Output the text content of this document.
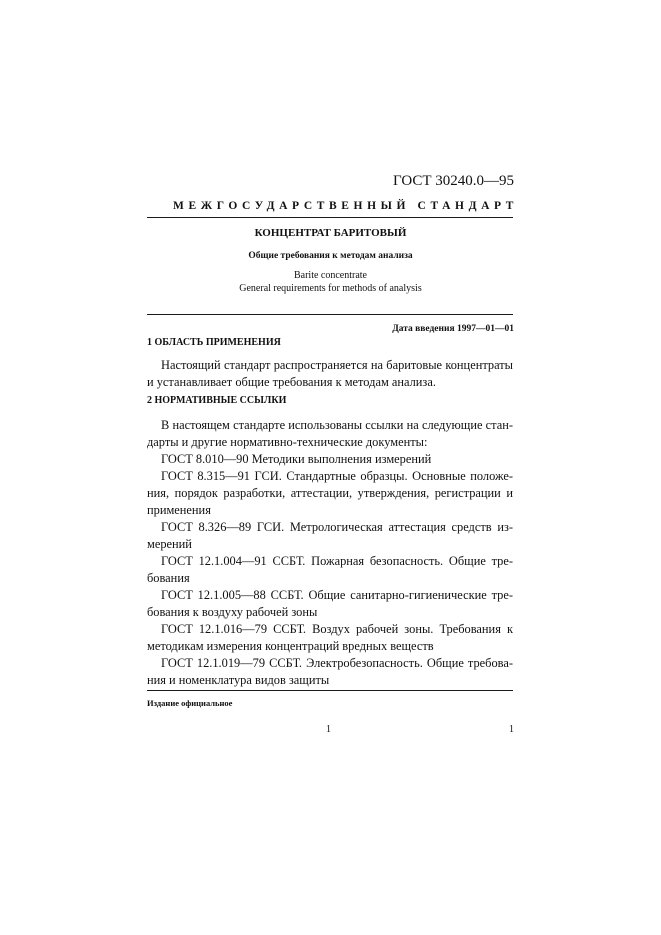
ГОСТ 30240.0—95
МЕЖГОСУДАРСТВЕННЫЙ СТАНДАРТ
КОНЦЕНТРАТ БАРИТОВЫЙ
Общие требования к методам анализа
Barite concentrate
General requirements for methods of analysis
Дата введения 1997—01—01
1 ОБЛАСТЬ ПРИМЕНЕНИЯ
Настоящий стандарт распространяется на баритовые концентраты
и устанавливает общие требования к методам анализа.
2 НОРМАТИВНЫЕ ССЫЛКИ
В настоящем стандарте использованы ссылки на следующие стан-
дарты и другие нормативно-технические документы:
ГОСТ 8.010—90 Методики выполнения измерений
ГОСТ 8.315—91 ГСИ. Стандартные образцы. Основные положе-
ния, порядок разработки, аттестации, утверждения, регистрации и
применения
ГОСТ 8.326—89 ГСИ. Метрологическая аттестация средств из-
мерений
ГОСТ 12.1.004—91 ССБТ. Пожарная безопасность. Общие тре-
бования
ГОСТ 12.1.005—88 ССБТ. Общие санитарно-гигиенические тре-
бования к воздуху рабочей зоны
ГОСТ 12.1.016—79 ССБТ. Воздух рабочей зоны. Требования к
методикам измерения концентраций вредных веществ
ГОСТ 12.1.019—79 ССБТ. Электробезопасность. Общие требова-
ния и номенклатура видов защиты
Издание официальное
1	1
